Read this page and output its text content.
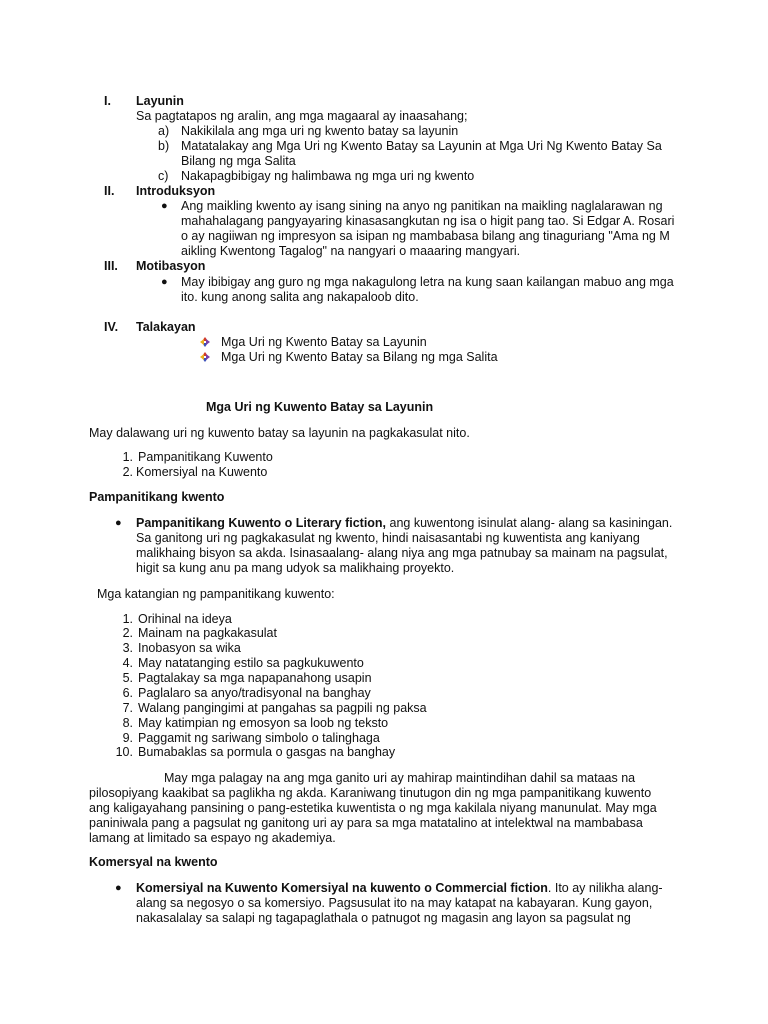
I. Layunin
Sa pagtatapos ng aralin, ang mga magaaral ay inaasahang;
a) Nakikilala ang mga uri ng kwento batay sa layunin
b) Matatalakay ang Mga Uri ng Kwento Batay sa Layunin at Mga Uri Ng Kwento Batay Sa
Bilang ng mga Salita
c) Nakapagbibigay ng halimbawa ng mga uri ng kwento
II. Introduksyon
● Ang maikling kwento ay isang sining na anyo ng panitikan na maikling naglalarawan ng
mahahalagang pangyayaring kinasasangkutan ng isa o higit pang tao. Si Edgar A. Rosari
o ay nagiiwan ng impresyon sa isipan ng mambabasa bilang ang tinaguriang "Ama ng M
aikling Kwentong Tagalog" na nangyari o maaaring mangyari.
III. Motibasyon
● May ibibigay ang guro ng mga nakagulong letra na kung saan kailangan mabuo ang mga
ito. kung anong salita ang nakapaloob dito.
IV. Talakayan
Mga Uri ng Kwento Batay sa Layunin
Mga Uri ng Kwento Batay sa Bilang ng mga Salita
Mga Uri ng Kuwento Batay sa Layunin
May dalawang uri ng kuwento batay sa layunin na pagkakasulat nito.
1. Pampanitikang Kuwento
2. Komersiyal na Kuwento
Pampanitikang kwento
● Pampanitikang Kuwento o Literary fiction, ang kuwentong isinulat alang- alang sa kasiningan.
Sa ganitong uri ng pagkakasulat ng kwento, hindi naisasantabi ng kuwentista ang kaniyang
malikhaing bisyon sa akda. Isinasaalang- alang niya ang mga patnubay sa mainam na pagsulat,
higit sa kung anu pa mang udyok sa malikhaing proyekto.
Mga katangian ng pampanitikang kuwento:
1. Orihinal na ideya
2. Mainam na pagkakasulat
3. Inobasyon sa wika
4. May natatanging estilo sa pagkukuwento
5. Pagtalakay sa mga napapanahong usapin
6. Paglalaro sa anyo/tradisyonal na banghay
7. Walang pangingimi at pangahas sa pagpili ng paksa
8. May katimpian ng emosyon sa loob ng teksto
9. Paggamit ng sariwang simbolo o talinghaga
10. Bumabaklas sa pormula o gasgas na banghay
May mga palagay na ang mga ganito uri ay mahirap maintindihan dahil sa mataas na
pilosopiyang kaakibat sa paglikha ng akda. Karaniwang tinutugon din ng mga pampanitikang kuwento
ang kaligayahang pansining o pang-estetika kuwentista o ng mga kakilala niyang manunulat. May mga
paniniwala pang a pagsulat ng ganitong uri ay para sa mga matatalino at intelektwal na mambabasa
lamang at limitado sa espayo ng akademiya.
Komersyal na kwento
● Komersiyal na Kuwento Komersiyal na kuwento o Commercial fiction. Ito ay nilikha alang-
alang sa negosyo o sa komersiyo. Pagsusulat ito na may katapat na kabayaran. Kung gayon,
nakasalalay sa salapi ng tagapaglathala o patnugot ng magasin ang layon sa pagsulat ng
